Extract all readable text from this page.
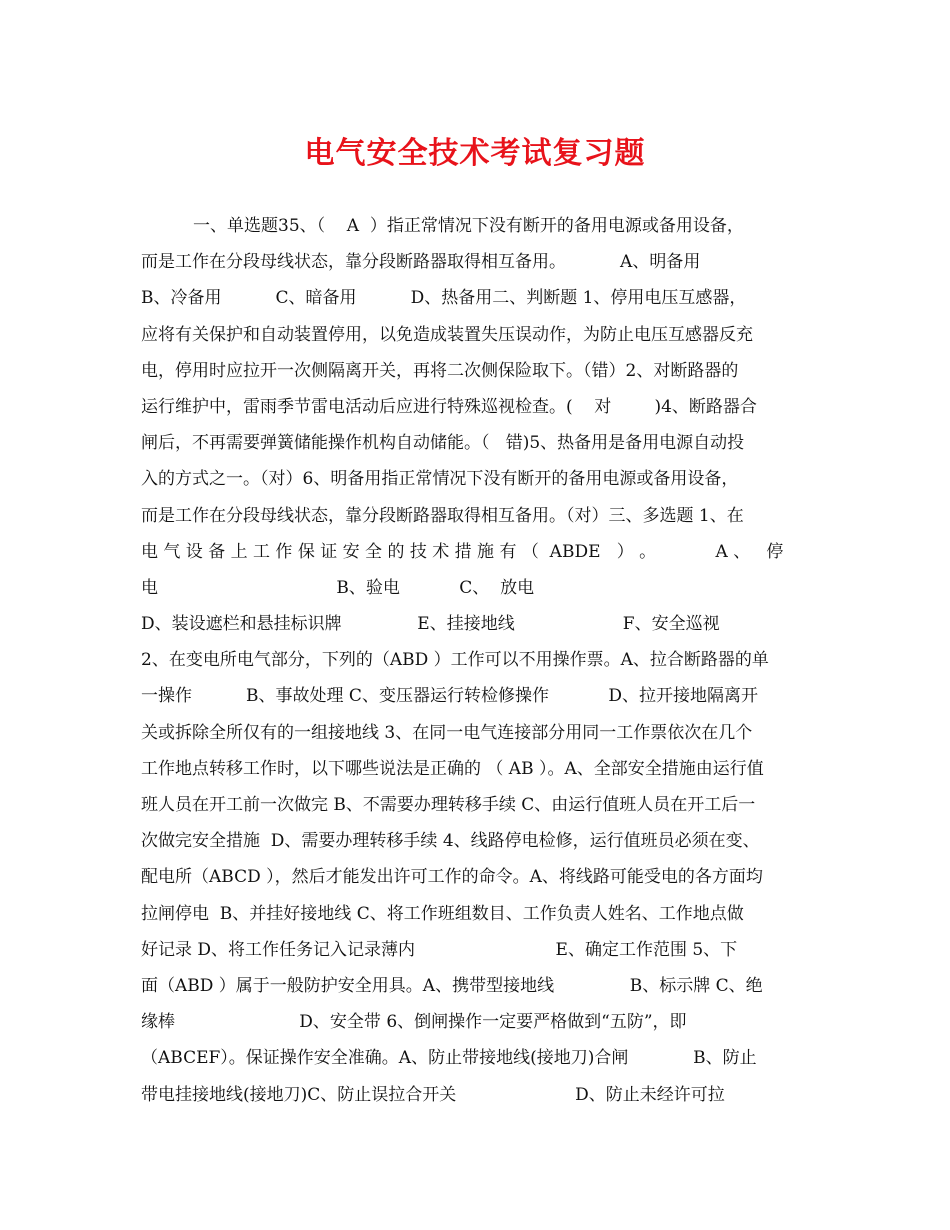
电气安全技术考试复习题
一、单选题35、（    A  ）指正常情况下没有断开的备用电源或备用设备，
而是工作在分段母线状态，靠分段断路器取得相互备用。          A、明备用
B、冷备用          C、暗备用          D、热备用二、判断题 1、停用电压互感器，
应将有关保护和自动装置停用，以免造成装置失压误动作，为防止电压互感器反充
电，停用时应拉开一次侧隔离开关，再将二次侧保险取下。（错）2、对断路器的
运行维护中，雷雨季节雷电活动后应进行特殊巡视检查。(    对        )4、断路器合
闸后，不再需要弹簧储能操作机构自动储能。（   错)5、热备用是备用电源自动投
入的方式之一。（对）6、明备用指正常情况下没有断开的备用电源或备用设备，
而是工作在分段母线状态，靠分段断路器取得相互备用。（对）三、多选题 1、在
电 气 设 备 上 工 作 保 证 安 全 的 技 术 措 施 有 （  ABDE   ） 。           A 、   停
电                                 B、验电           C、  放电
D、装设遮栏和悬挂标识牌              E、挂接地线                    F、安全巡视
2、在变电所电气部分，下列的（ABD ）工作可以不用操作票。A、拉合断路器的单
一操作          B、事故处理 C、变压器运行转检修操作           D、拉开接地隔离开
关或拆除全所仅有的一组接地线 3、在同一电气连接部分用同一工作票依次在几个
工作地点转移工作时，以下哪些说法是正确的 （ AB ）。A、全部安全措施由运行值
班人员在开工前一次做完 B、不需要办理转移手续 C、由运行值班人员在开工后一
次做完安全措施  D、需要办理转移手续 4、线路停电检修，运行值班员必须在变、
配电所（ABCD ），然后才能发出许可工作的命令。A、将线路可能受电的各方面均
拉闸停电  B、并挂好接地线 C、将工作班组数目、工作负责人姓名、工作地点做
好记录 D、将工作任务记入记录薄内                          E、确定工作范围 5、下
面（ABD ）属于一般防护安全用具。A、携带型接地线              B、标示牌 C、绝
缘棒                       D、安全带 6、倒闸操作一定要严格做到“五防”，即
（ABCEF）。保证操作安全准确。A、防止带接地线(接地刀)合闸            B、防止
带电挂接地线(接地刀)C、防止误拉合开关                      D、防止未经许可拉
